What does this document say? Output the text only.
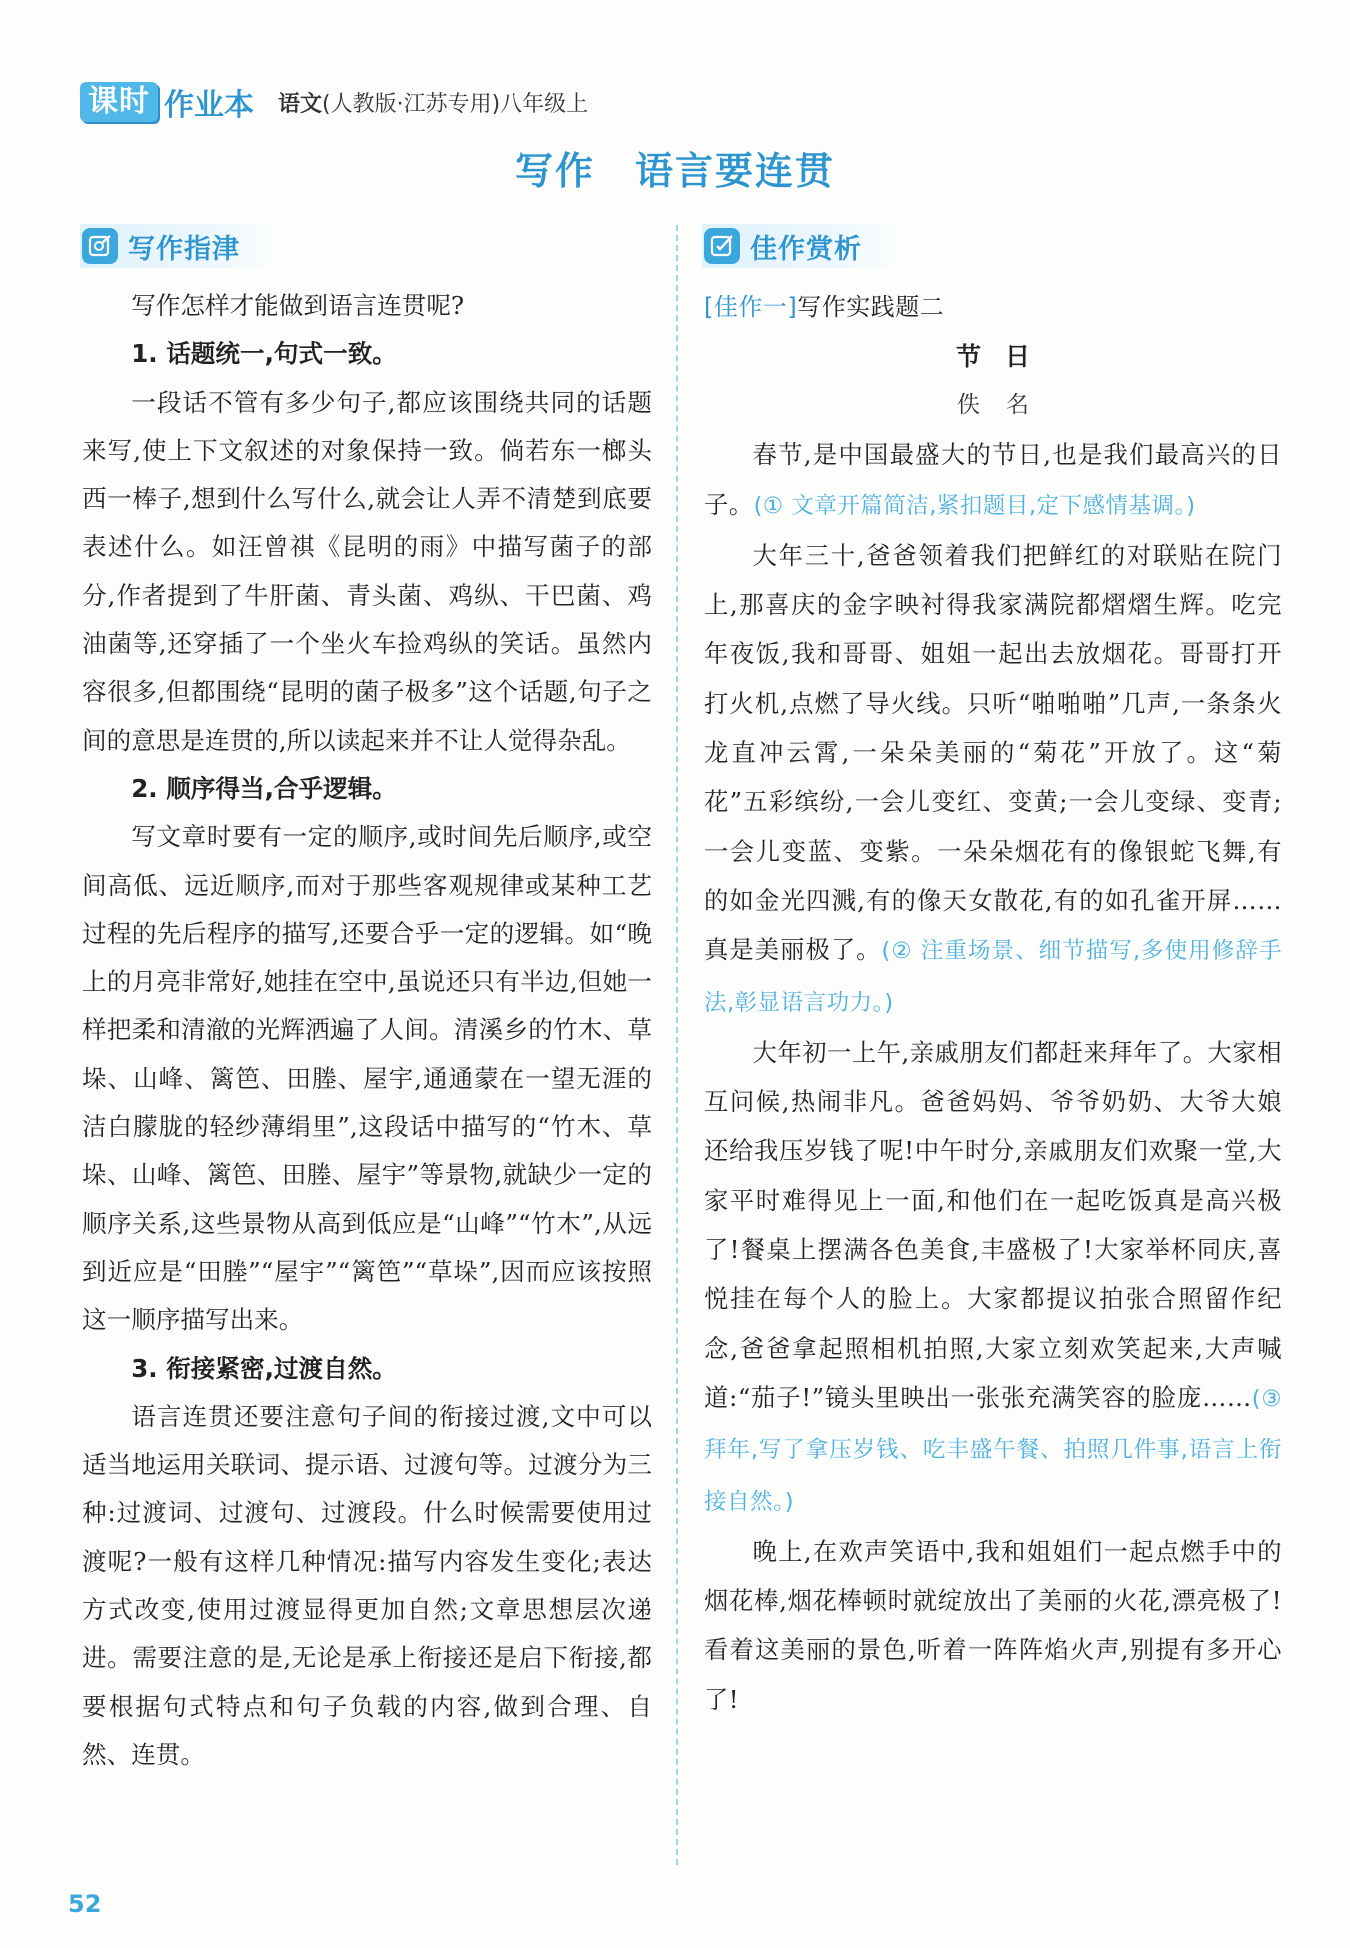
课时 作业本 语文(人教版·江苏专用)八年级上
写作 语言要连贯
写作指津	佳作赏析

写作怎样才能做到语言连贯呢?

1. 话题统一,句式一致。

一段话不管有多少句子,都应该围绕共同的话题来写,使上下文叙述的对象保持一致。倘若东一榔头西一棒子,想到什么写什么,就会让人弄不清楚到底要表述什么。如汪曾祺《昆明的雨》中描写菌子的部分,作者提到了牛肝菌、青头菌、鸡纵、干巴菌、鸡油菌等,还穿插了一个坐火车捡鸡纵的笑话。虽然内容很多,但都围绕“昆明的菌子极多”这个话题,句子之间的意思是连贯的,所以读起来并不让人觉得杂乱。

2. 顺序得当,合乎逻辑。

写文章时要有一定的顺序,或时间先后顺序,或空间高低、远近顺序,而对于那些客观规律或某种工艺过程的先后程序的描写,还要合乎一定的逻辑。如“晚上的月亮非常好,她挂在空中,虽说还只有半边,但她一样把柔和清澈的光辉洒遍了人间。清溪乡的竹木、草垛、山峰、篱笆、田塍、屋宇,通通蒙在一望无涯的洁白朦胧的轻纱薄绢里”,这段话中描写的“竹木、草垛、山峰、篱笆、田塍、屋宇”等景物,就缺少一定的顺序关系,这些景物从高到低应是“山峰”“竹木”,从远到近应是“田塍”“屋宇”“篱笆”“草垛”,因而应该按照这一顺序描写出来。

3. 衔接紧密,过渡自然。

语言连贯还要注意句子间的衔接过渡,文中可以适当地运用关联词、提示语、过渡句等。过渡分为三种:过渡词、过渡句、过渡段。什么时候需要使用过渡呢?一般有这样几种情况:描写内容发生变化;表达方式改变,使用过渡显得更加自然;文章思想层次递进。需要注意的是,无论是承上衔接还是启下衔接,都要根据句式特点和句子负载的内容,做到合理、自然、连贯。

[佳作一]写作实践题二

节日

佚名

春节,是中国最盛大的节日,也是我们最高兴的日子。(① 文章开篇简洁,紧扣题目,定下感情基调。)

大年三十,爸爸领着我们把鲜红的对联贴在院门上,那喜庆的金字映衬得我家满院都熠熠生辉。吃完年夜饭,我和哥哥、姐姐一起出去放烟花。哥哥打开打火机,点燃了导火线。只听“啪啪啪”几声,一条条火龙直冲云霄,一朵朵美丽的“菊花”开放了。这“菊花”五彩缤纷,一会儿变红、变黄;一会儿变绿、变青;一会儿变蓝、变紫。一朵朵烟花有的像银蛇飞舞,有的如金光四溅,有的像天女散花,有的如孔雀开屏……真是美丽极了。(② 注重场景、细节描写,多使用修辞手法,彰显语言功力。)

大年初一上午,亲戚朋友们都赶来拜年了。大家相互问候,热闹非凡。爸爸妈妈、爷爷奶奶、大爷大娘还给我压岁钱了呢!中午时分,亲戚朋友们欢聚一堂,大家平时难得见上一面,和他们在一起吃饭真是高兴极了!餐桌上摆满各色美食,丰盛极了!大家举杯同庆,喜悦挂在每个人的脸上。大家都提议拍张合照留作纪念,爸爸拿起照相机拍照,大家立刻欢笑起来,大声喊道:“茄子!”镜头里映出一张张充满笑容的脸庞……(③ 拜年,写了拿压岁钱、吃丰盛午餐、拍照几件事,语言上衔接自然。)

晚上,在欢声笑语中,我和姐姐们一起点燃手中的烟花棒,烟花棒顿时就绽放出了美丽的火花,漂亮极了!看着这美丽的景色,听着一阵阵焰火声,别提有多开心了!

52
